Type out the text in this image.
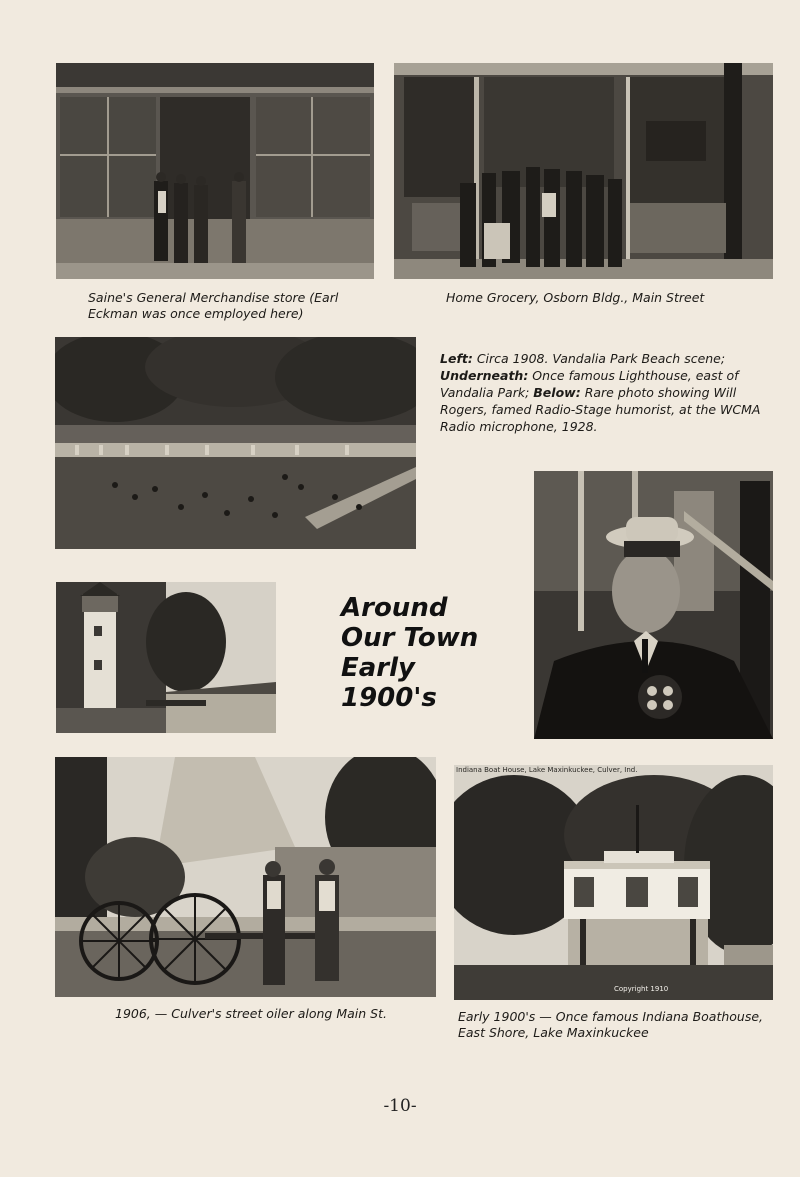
Saine's General Merchandise store (Earl
Eckman was once employed here)
Home Grocery, Osborn Bldg., Main Street
Left: Circa 1908. Vandalia Park Beach scene; Underneath: Once famous Lighthouse, east of Vandalia Park; Below: Rare photo showing Will Rogers, famed Radio-Stage humorist, at the WCMA Radio microphone, 1928.
Around
Our Town
Early
1900's
1906, — Culver's street oiler along Main St.
Indiana Boat House, Lake Maxinkuckee, Culver, Ind.
Copyright 1910
Early 1900's — Once famous Indiana Boathouse,
East Shore, Lake Maxinkuckee
-10-
